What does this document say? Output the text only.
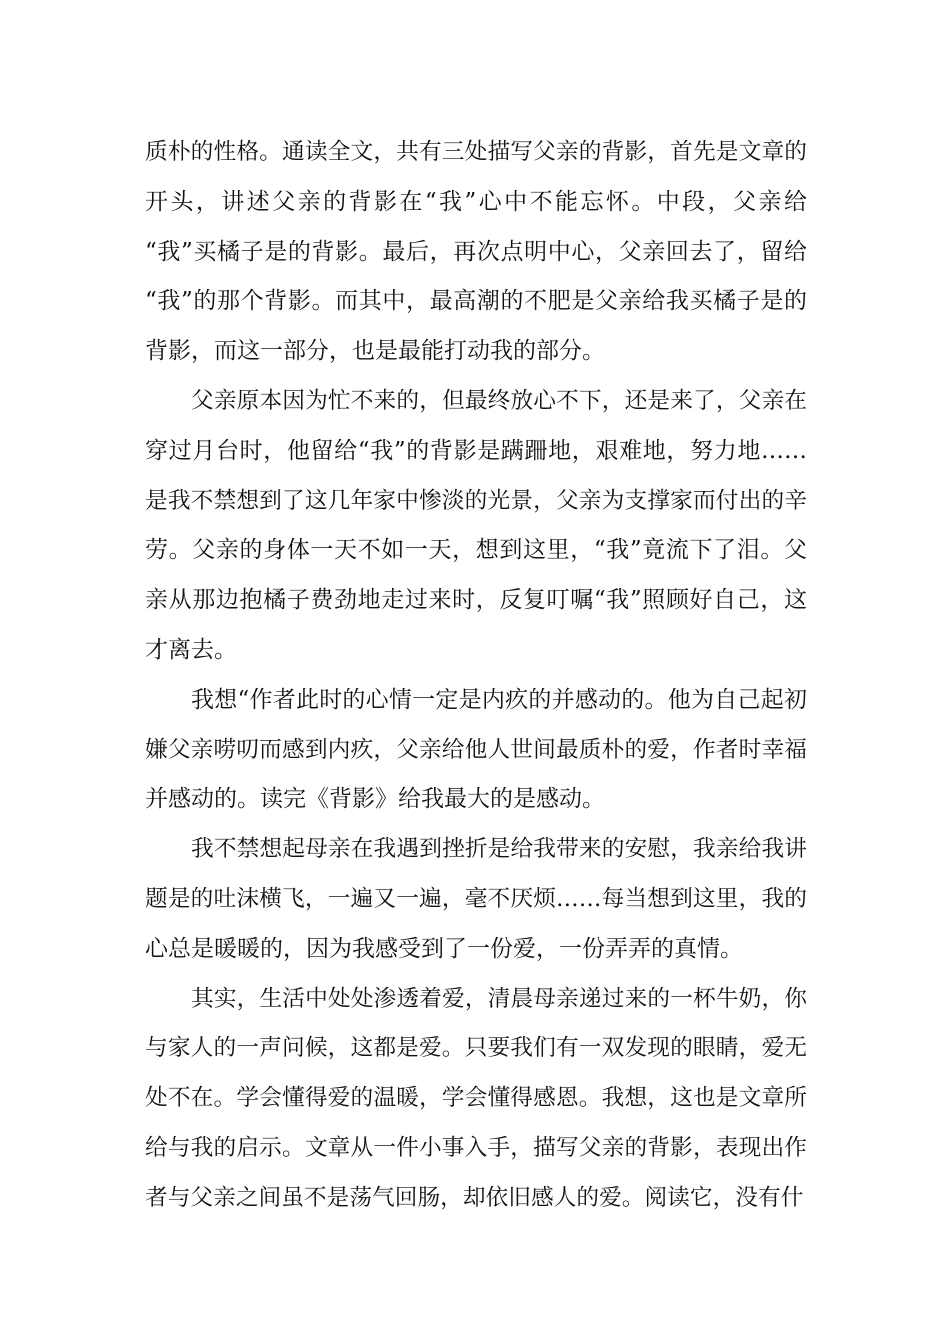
质朴的性格。通读全文，共有三处描写父亲的背影，首先是文章的
开头，讲述父亲的背影在“我”心中不能忘怀。中段，父亲给
“我”买橘子是的背影。最后，再次点明中心，父亲回去了，留给
“我”的那个背影。而其中，最高潮的不肥是父亲给我买橘子是的
背影，而这一部分，也是最能打动我的部分。

父亲原本因为忙不来的，但最终放心不下，还是来了，父亲在
穿过月台时，他留给“我”的背影是蹒跚地，艰难地，努力地……
是我不禁想到了这几年家中惨淡的光景，父亲为支撑家而付出的辛
劳。父亲的身体一天不如一天，想到这里，“我”竟流下了泪。父
亲从那边抱橘子费劲地走过来时，反复叮嘱“我”照顾好自己，这
才离去。

我想“作者此时的心情一定是内疚的并感动的。他为自己起初
嫌父亲唠叨而感到内疚，父亲给他人世间最质朴的爱，作者时幸福
并感动的。读完《背影》给我最大的是感动。

我不禁想起母亲在我遇到挫折是给我带来的安慰，我亲给我讲
题是的吐沫横飞，一遍又一遍，毫不厌烦……每当想到这里，我的
心总是暖暖的，因为我感受到了一份爱，一份弄弄的真情。

其实，生活中处处渗透着爱，清晨母亲递过来的一杯牛奶，你
与家人的一声问候，这都是爱。只要我们有一双发现的眼睛，爱无
处不在。学会懂得爱的温暖，学会懂得感恩。我想，这也是文章所
给与我的启示。文章从一件小事入手，描写父亲的背影，表现出作
者与父亲之间虽不是荡气回肠，却依旧感人的爱。阅读它，没有什
